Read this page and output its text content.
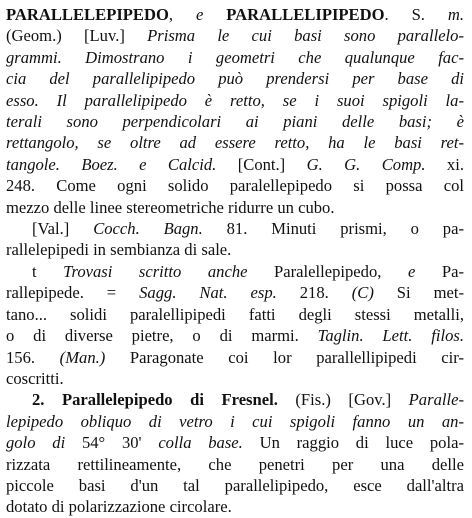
PARALLELEPIPEDO, e PARALLELIPIPEDO. S. m.
(Geom.) [Luv.] Prisma le cui basi sono parallelo-
grammi. Dimostrano i geometri che qualunque fac-
cia del parallelipipedo può prendersi per base di
esso. Il parallelipipedo è retto, se i suoi spigoli la-
terali sono perpendicolari ai piani delle basi; è
rettangolo, se oltre ad essere retto, ha le basi ret-
tangole. Boez. e Calcid. [Cont.] G. G. Comp. xi.
248. Come ogni solido paralellepipedo si possa col
mezzo delle linee stereometriche ridurre un cubo.
[Val.] Cocch. Bagn. 81. Minuti prismi, o pa-
rallelepipedi in sembianza di sale.
t Trovasi scritto anche Paralellepipedo, e Pa-
rallepipede. = Sagg. Nat. esp. 218. (C) Si met-
tano... solidi paralellipipedi fatti degli stessi metalli,
o di diverse pietre, o di marmi. Taglin. Lett. filos.
156. (Man.) Paragonate coi lor parallellipipedi cir-
coscritti.
2. Parallelepipedo di Fresnel. (Fis.) [Gov.] Paralle-
lepipedo obliquo di vetro i cui spigoli fanno un an-
golo di 54° 30' colla base. Un raggio di luce pola-
rizzata rettilineamente, che penetri per una delle
piccole basi d'un tal parallelipipedo, esce dall'altra
dotato di polarizzazione circolare.
